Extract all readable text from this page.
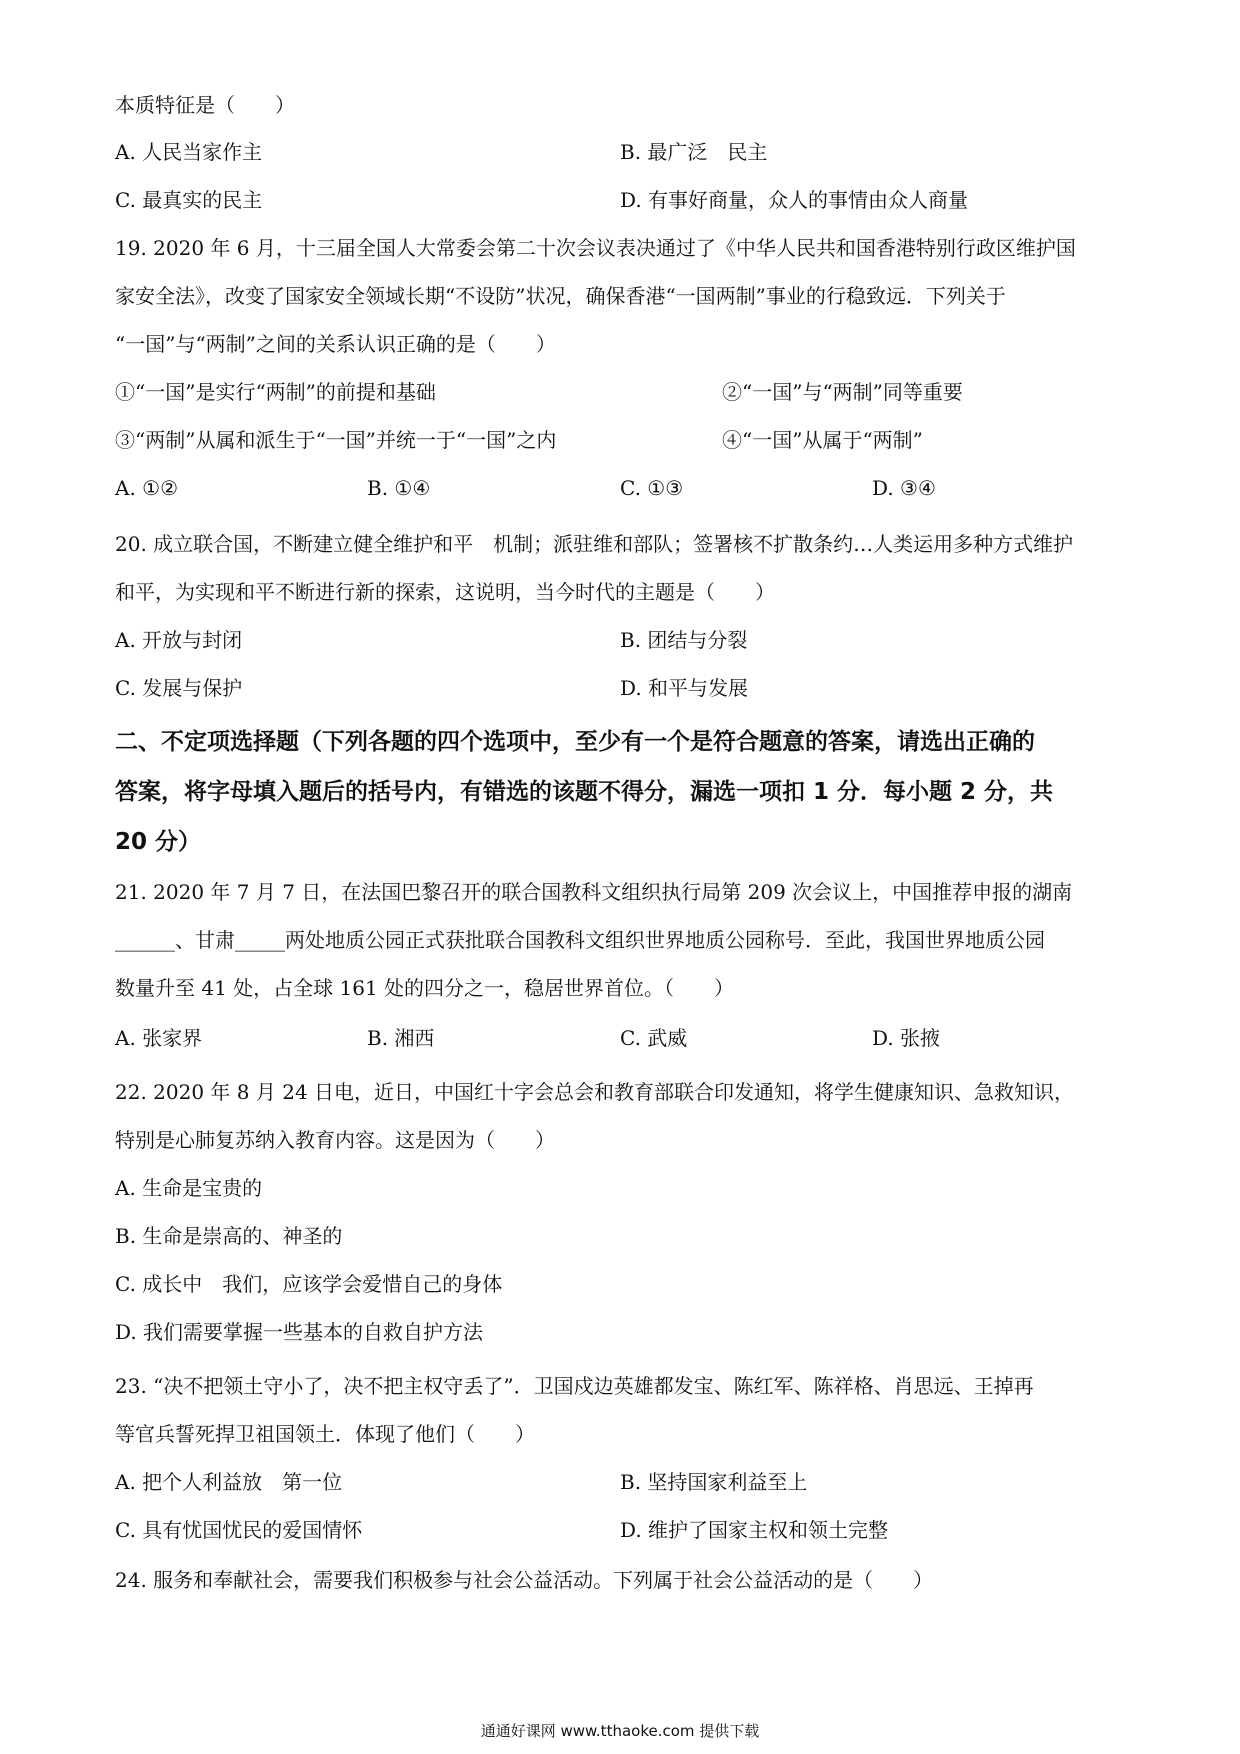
本质特征是（　　）
A. 人民当家作主	B. 最广泛　民主
C. 最真实的民主	D. 有事好商量，众人的事情由众人商量
19. 2020 年 6 月，十三届全国人大常委会第二十次会议表决通过了《中华人民共和国香港特别行政区维护国
家安全法》，改变了国家安全领域长期“不设防”状况，确保香港“一国两制”事业的行稳致远．下列关于
“一国”与“两制”之间的关系认识正确的是（　　）
①“一国”是实行“两制”的前提和基础	②“一国”与“两制”同等重要
③“两制”从属和派生于“一国”并统一于“一国”之内	④“一国”从属于“两制”
A. ①②	B. ①④	C. ①③	D. ③④
20. 成立联合国，不断建立健全维护和平　机制；派驻维和部队；签署核不扩散条约…人类运用多种方式维护
和平，为实现和平不断进行新的探索，这说明，当今时代的主题是（　　）
A. 开放与封闭	B. 团结与分裂
C. 发展与保护	D. 和平与发展
二、不定项选择题（下列各题的四个选项中，至少有一个是符合题意的答案，请选出正确的
答案，将字母填入题后的括号内，有错选的该题不得分，漏选一项扣 1 分．每小题 2 分，共
20 分）
21. 2020 年 7 月 7 日，在法国巴黎召开的联合国教科文组织执行局第 209 次会议上，中国推荐申报的湖南
______、甘肃_____两处地质公园正式获批联合国教科文组织世界地质公园称号．至此，我国世界地质公园
数量升至 41 处，占全球 161 处的四分之一，稳居世界首位。（　　）
A. 张家界	B. 湘西	C. 武威	D. 张掖
22. 2020 年 8 月 24 日电，近日，中国红十字会总会和教育部联合印发通知，将学生健康知识、急救知识，
特别是心肺复苏纳入教育内容。这是因为（　　）
A. 生命是宝贵的
B. 生命是崇高的、神圣的
C. 成长中　我们，应该学会爱惜自己的身体
D. 我们需要掌握一些基本的自救自护方法
23. “决不把领土守小了，决不把主权守丢了”．卫国戍边英雄都发宝、陈红军、陈祥格、肖思远、王掉再
等官兵誓死捍卫祖国领土．体现了他们（　　）
A. 把个人利益放　第一位	B. 坚持国家利益至上
C. 具有忧国忧民的爱国情怀	D. 维护了国家主权和领土完整
24. 服务和奉献社会，需要我们积极参与社会公益活动。下列属于社会公益活动的是（　　）
通通好课网 www.tthaoke.com 提供下载
